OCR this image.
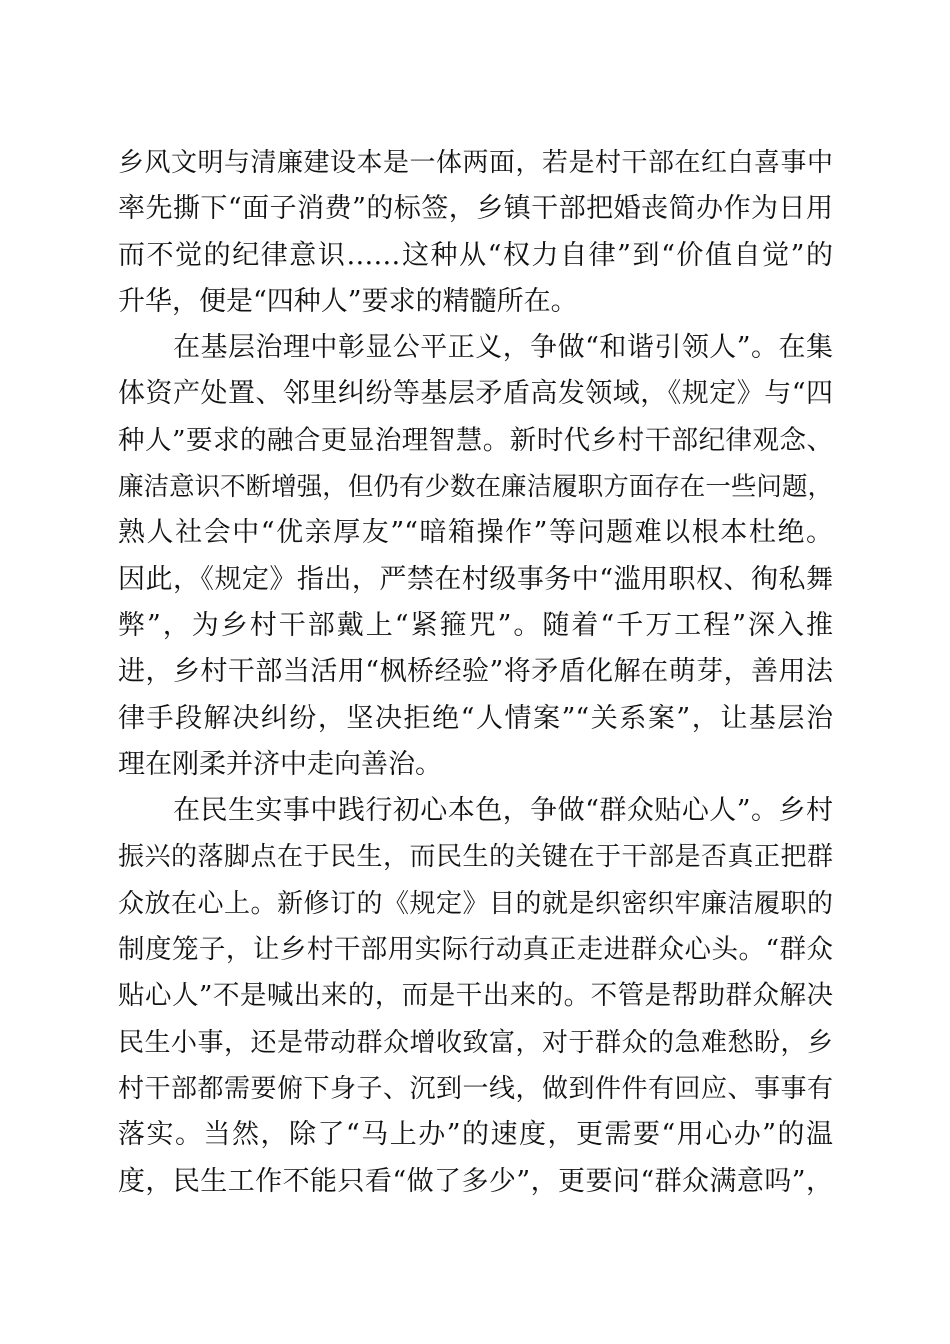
乡风文明与清廉建设本是一体两面，若是村干部在红白喜事中
率先撕下“面子消费”的标签，乡镇干部把婚丧简办作为日用
而不觉的纪律意识……这种从“权力自律”到“价值自觉”的
升华，便是“四种人”要求的精髓所在。
在基层治理中彰显公平正义，争做“和谐引领人”。在集
体资产处置、邻里纠纷等基层矛盾高发领域，《规定》与“四
种人”要求的融合更显治理智慧。新时代乡村干部纪律观念、
廉洁意识不断增强，但仍有少数在廉洁履职方面存在一些问题，
熟人社会中“优亲厚友”“暗箱操作”等问题难以根本杜绝。
因此，《规定》指出，严禁在村级事务中“滥用职权、徇私舞
弊”，为乡村干部戴上“紧箍咒”。随着“千万工程”深入推
进，乡村干部当活用“枫桥经验”将矛盾化解在萌芽，善用法
律手段解决纠纷，坚决拒绝“人情案”“关系案”，让基层治
理在刚柔并济中走向善治。
在民生实事中践行初心本色，争做“群众贴心人”。乡村
振兴的落脚点在于民生，而民生的关键在于干部是否真正把群
众放在心上。新修订的《规定》目的就是织密织牢廉洁履职的
制度笼子，让乡村干部用实际行动真正走进群众心头。“群众
贴心人”不是喊出来的，而是干出来的。不管是帮助群众解决
民生小事，还是带动群众增收致富，对于群众的急难愁盼，乡
村干部都需要俯下身子、沉到一线，做到件件有回应、事事有
落实。当然，除了“马上办”的速度，更需要“用心办”的温
度，民生工作不能只看“做了多少”，更要问“群众满意吗”，
